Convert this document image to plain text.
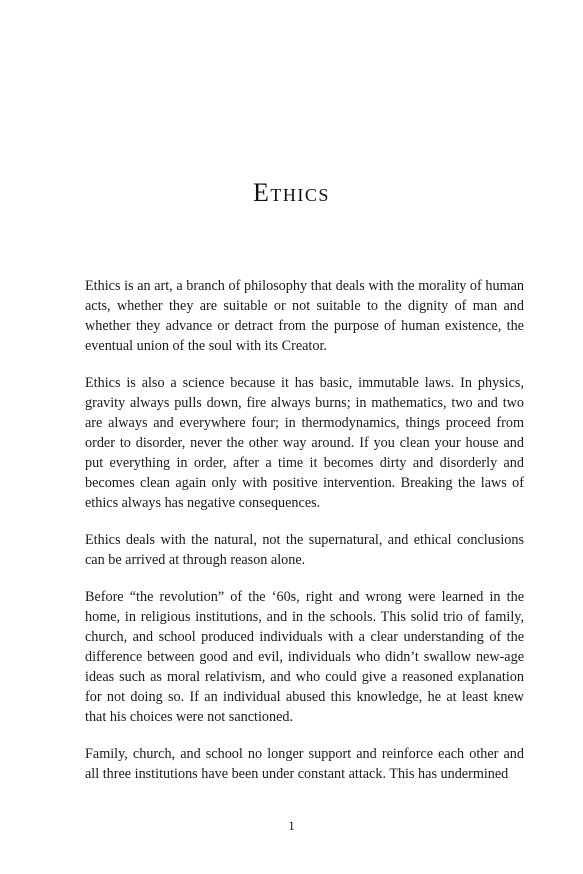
Ethics

Ethics is an art, a branch of philosophy that deals with the morality of human acts, whether they are suitable or not suitable to the dignity of man and whether they advance or detract from the purpose of human existence, the eventual union of the soul with its Creator.

Ethics is also a science because it has basic, immutable laws. In physics, gravity always pulls down, fire always burns; in mathematics, two and two are always and everywhere four; in thermodynamics, things proceed from order to disorder, never the other way around. If you clean your house and put everything in order, after a time it becomes dirty and disorderly and becomes clean again only with positive intervention. Breaking the laws of ethics always has negative consequences.

Ethics deals with the natural, not the supernatural, and ethical conclusions can be arrived at through reason alone.

Before “the revolution” of the ‘60s, right and wrong were learned in the home, in religious institutions, and in the schools. This solid trio of family, church, and school produced individuals with a clear understanding of the difference between good and evil, individuals who didn’t swallow new-age ideas such as moral relativism, and who could give a reasoned explanation for not doing so. If an individual abused this knowledge, he at least knew that his choices were not sanctioned.

Family, church, and school no longer support and reinforce each other and all three institutions have been under constant attack. This has undermined

1
